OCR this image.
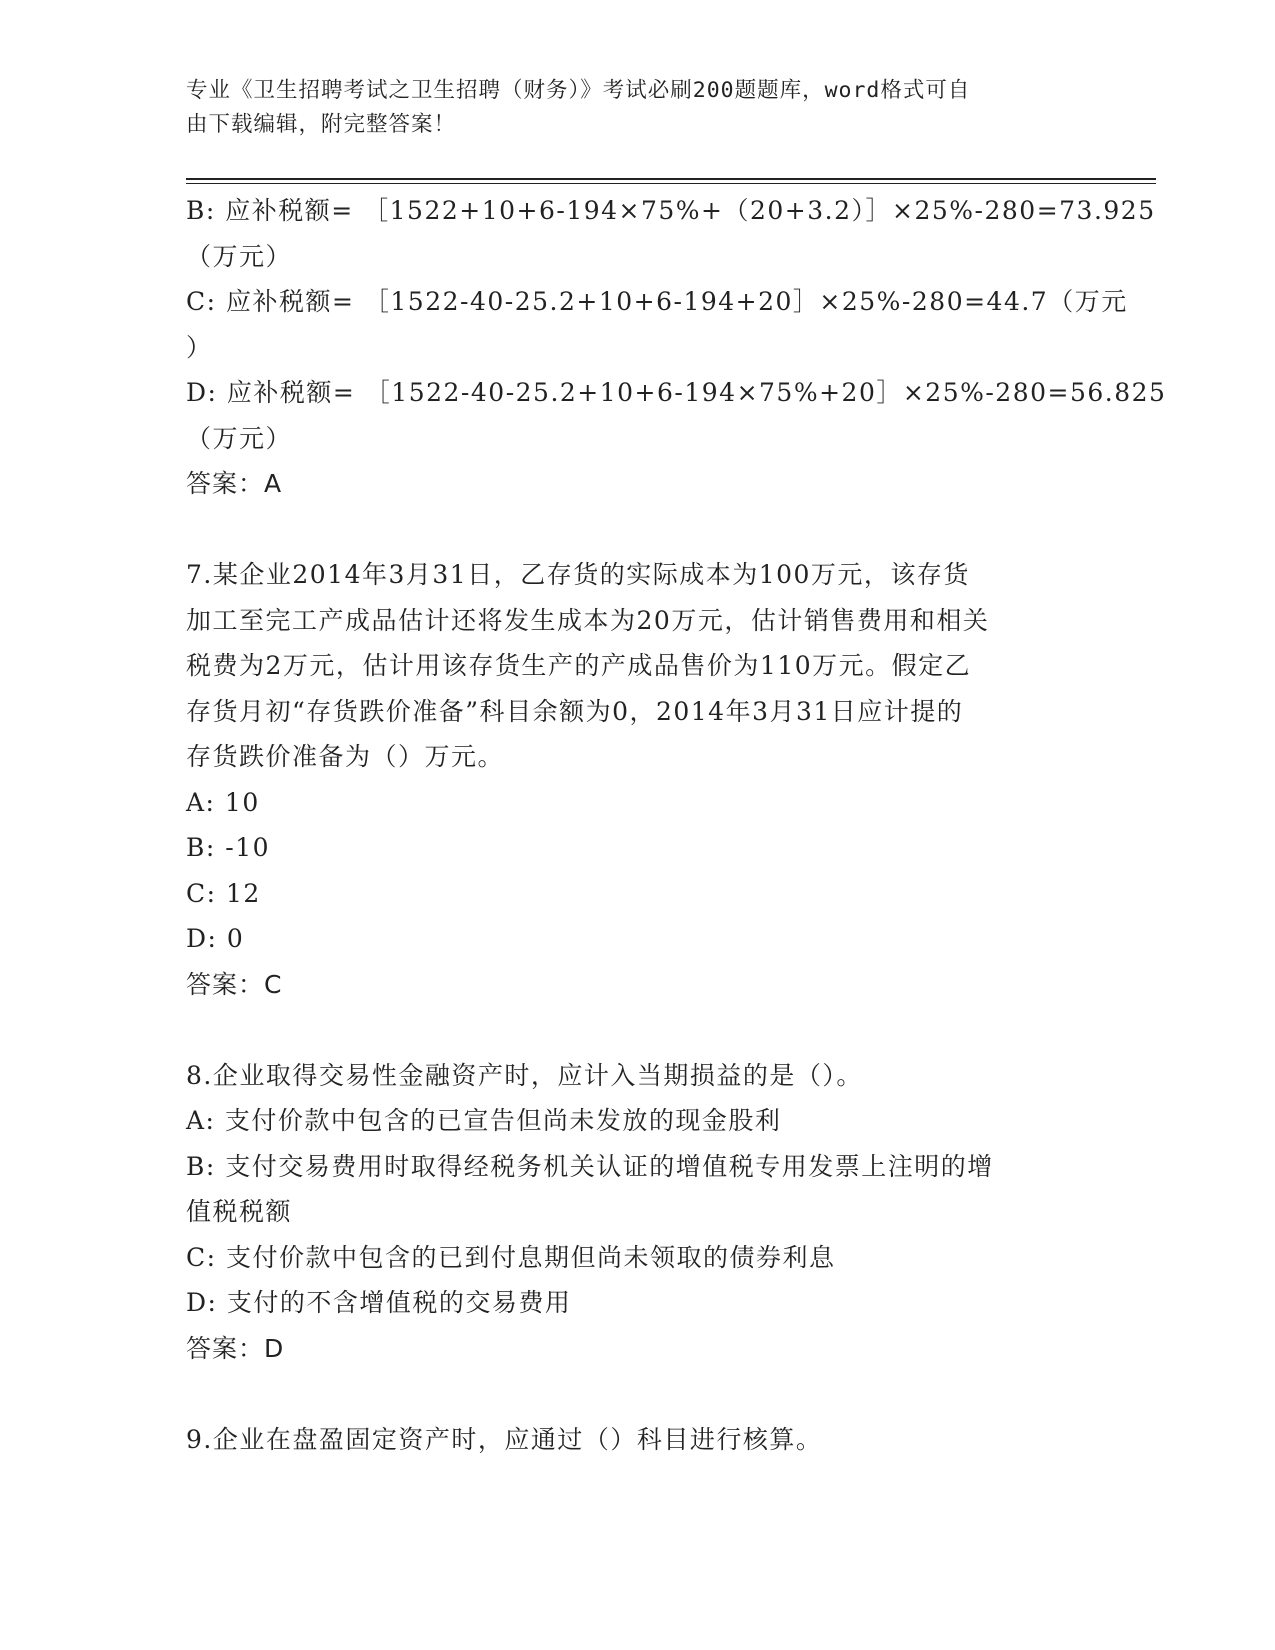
专业《卫生招聘考试之卫生招聘（财务）》考试必刷200题题库，word格式可自
由下载编辑，附完整答案！
B: 应补税额= ［1522+10+6-194×75%+（20+3.2）］×25%-280=73.925
（万元）
C: 应补税额= ［1522-40-25.2+10+6-194+20］×25%-280=44.7（万元
）
D: 应补税额= ［1522-40-25.2+10+6-194×75%+20］×25%-280=56.825
（万元）
答案：A
7.某企业2014年3月31日，乙存货的实际成本为100万元，该存货
加工至完工产成品估计还将发生成本为20万元，估计销售费用和相关
税费为2万元，估计用该存货生产的产成品售价为110万元。假定乙
存货月初“存货跌价准备”科目余额为0，2014年3月31日应计提的
存货跌价准备为（）万元。
A: 10
B: -10
C: 12
D: 0
答案：C
8.企业取得交易性金融资产时，应计入当期损益的是（）。
A: 支付价款中包含的已宣告但尚未发放的现金股利
B: 支付交易费用时取得经税务机关认证的增值税专用发票上注明的增
值税税额
C: 支付价款中包含的已到付息期但尚未领取的债券利息
D: 支付的不含增值税的交易费用
答案：D
9.企业在盘盈固定资产时，应通过（）科目进行核算。
